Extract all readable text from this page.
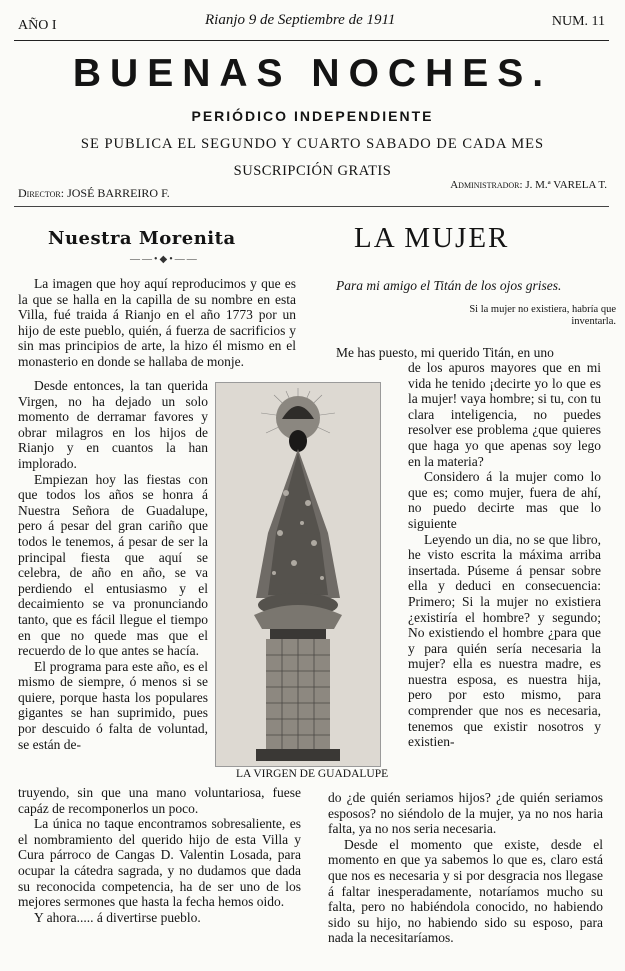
AÑO I	Rianjo 9 de Septiembre de 1911	NUM. 11
BUENAS NOCHES.
PERIÓDICO INDEPENDIENTE
SE PUBLICA EL SEGUNDO Y CUARTO SABADO DE CADA MES
SUSCRIPCIÓN GRATIS
Director: JOSÉ BARREIRO F.
Administrador: J. M.ª VARELA T.
Nuestra Morenita
——•◆•——

La imagen que hoy aquí reproducimos y que es la que se halla en la capilla de su nombre en esta Villa, fué traida á Rianjo en el año 1773 por un hijo de este pueblo, quién, á fuerza de sacrificios y sin mas principios de arte, la hizo él mismo en el monasterio en donde se hallaba de monje.

Desde entonces, la tan querida Virgen, no ha dejado un solo momento de derramar favores y obrar milagros en los hijos de Rianjo y en cuantos la han implorado.

Empiezan hoy las fiestas con que todos los años se honra á Nuestra Señora de Guadalupe, pero á pesar del gran cariño que todos le tenemos, á pesar de ser la principal fiesta que aquí se celebra, de año en año, se va perdiendo el entusiasmo y el decaimiento se va pronunciando tanto, que es fácil llegue el tiempo en que no quede mas que el recuerdo de lo que antes se hacía.

El programa para este año, es el mismo de siempre, ó menos si se quiere, porque hasta los populares gigantes se han suprimido, pues por descuido ó falta de voluntad, se están de-

truyendo, sin que una mano voluntariosa, fuese capáz de recomponerlos un poco.

La única no taque encontramos sobresaliente, es el nombramiento del querido hijo de esta Villa y Cura párroco de Cangas D. Valentin Losada, para ocupar la cátedra sagrada, y no dudamos que dada su reconocida competencia, ha de ser uno de los mejores sermones que hasta la fecha hemos oido.

Y ahora..... á divertirse pueblo.

LA VIRGEN DE GUADALUPE
LA MUJER
Para mi amigo el Titán de los ojos grises.
Si la mujer no existiera, habría que inventarla.

Me has puesto, mi querido Titán, en uno

de los apuros mayores que en mi vida he tenido ¡decirte yo lo que es la mujer! vaya hombre; si tu, con tu clara inteligencia, no puedes resolver ese problema ¿que quieres que haga yo que apenas soy lego en la materia?

Considero á la mujer como lo que es; como mujer, fuera de ahí, no puedo decirte mas que lo siguiente

Leyendo un dia, no se que libro, he visto escrita la máxima arriba insertada. Púseme á pensar sobre ella y deduci en consecuencia: Primero; Si la mujer no existiera ¿existiría el hombre? y segundo; No existiendo el hombre ¿para que y para quién sería necesaria la mujer? ella es nuestra madre, es nuestra esposa, es nuestra hija, pero por esto mismo, para comprender que nos es necesaria, tenemos que existir nosotros y existien-

do ¿de quién seriamos hijos? ¿de quién seriamos esposos? no siéndolo de la mujer, ya no nos haria falta, ya no nos seria necesaria.

Desde el momento que existe, desde el momento en que ya sabemos lo que es, claro está que nos es necesaria y si por desgracia nos llegase á faltar inesperadamente, notaríamos mucho su falta, pero no habiéndola conocido, no habiendo sido su hijo, no habiendo sido su esposo, para nada la necesitaríamos.
